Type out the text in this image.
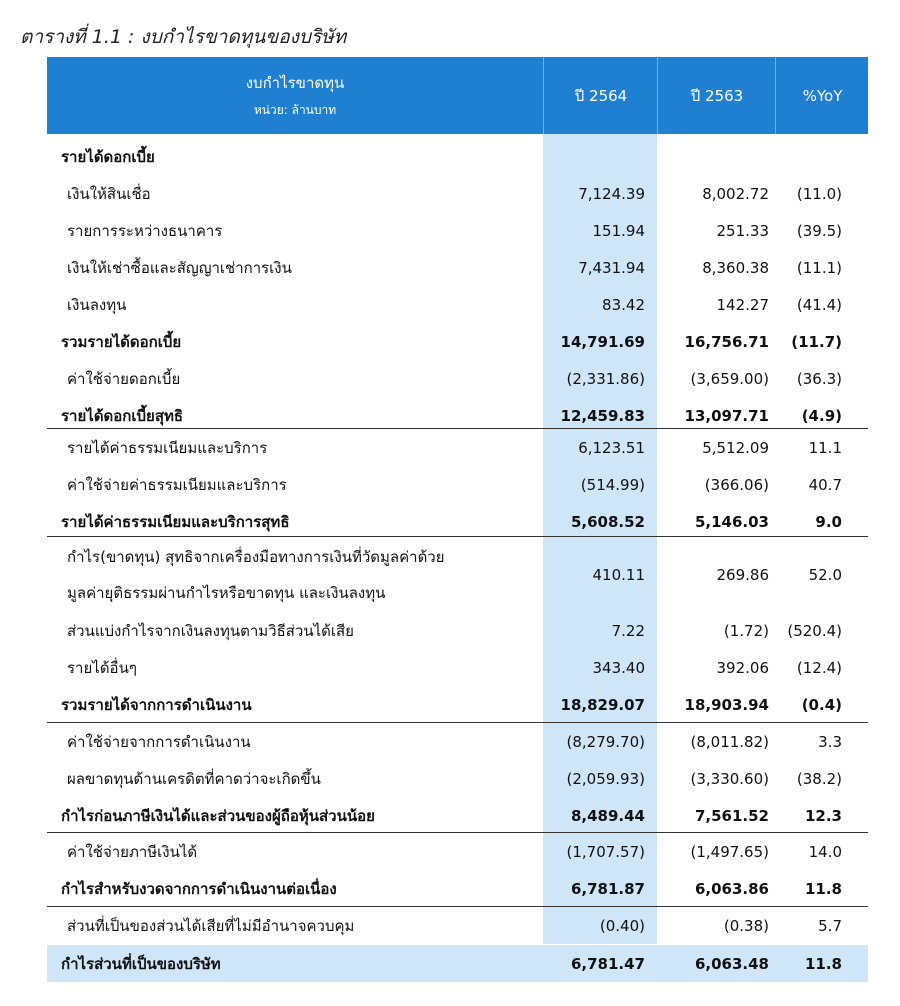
ตารางที่ 1.1 : งบกำไรขาดทุนของบริษัท
งบกำไรขาดทุน
หน่วย: ล้านบาท
ปี 2564	ปี 2563	%YoY
รายได้ดอกเบี้ย
เงินให้สินเชื่อ	7,124.39	8,002.72	(11.0)
รายการระหว่างธนาคาร	151.94	251.33	(39.5)
เงินให้เช่าซื้อและสัญญาเช่าการเงิน	7,431.94	8,360.38	(11.1)
เงินลงทุน	83.42	142.27	(41.4)
รวมรายได้ดอกเบี้ย	14,791.69	16,756.71	(11.7)
ค่าใช้จ่ายดอกเบี้ย	(2,331.86)	(3,659.00)	(36.3)
รายได้ดอกเบี้ยสุทธิ	12,459.83	13,097.71	(4.9)
รายได้ค่าธรรมเนียมและบริการ	6,123.51	5,512.09	11.1
ค่าใช้จ่ายค่าธรรมเนียมและบริการ	(514.99)	(366.06)	40.7
รายได้ค่าธรรมเนียมและบริการสุทธิ	5,608.52	5,146.03	9.0
กำไร(ขาดทุน) สุทธิจากเครื่องมือทางการเงินที่วัดมูลค่าด้วย
มูลค่ายุติธรรมผ่านกำไรหรือขาดทุน และเงินลงทุน
410.11	269.86	52.0
ส่วนแบ่งกำไรจากเงินลงทุนตามวิธีส่วนได้เสีย	7.22	(1.72)	(520.4)
รายได้อื่นๆ	343.40	392.06	(12.4)
รวมรายได้จากการดำเนินงาน	18,829.07	18,903.94	(0.4)
ค่าใช้จ่ายจากการดำเนินงาน	(8,279.70)	(8,011.82)	3.3
ผลขาดทุนด้านเครดิตที่คาดว่าจะเกิดขึ้น	(2,059.93)	(3,330.60)	(38.2)
กำไรก่อนภาษีเงินได้และส่วนของผู้ถือหุ้นส่วนน้อย	8,489.44	7,561.52	12.3
ค่าใช้จ่ายภาษีเงินได้	(1,707.57)	(1,497.65)	14.0
กำไรสำหรับงวดจากการดำเนินงานต่อเนื่อง	6,781.87	6,063.86	11.8
ส่วนที่เป็นของส่วนได้เสียที่ไม่มีอำนาจควบคุม	(0.40)	(0.38)	5.7
กำไรส่วนที่เป็นของบริษัท	6,781.47	6,063.48	11.8
